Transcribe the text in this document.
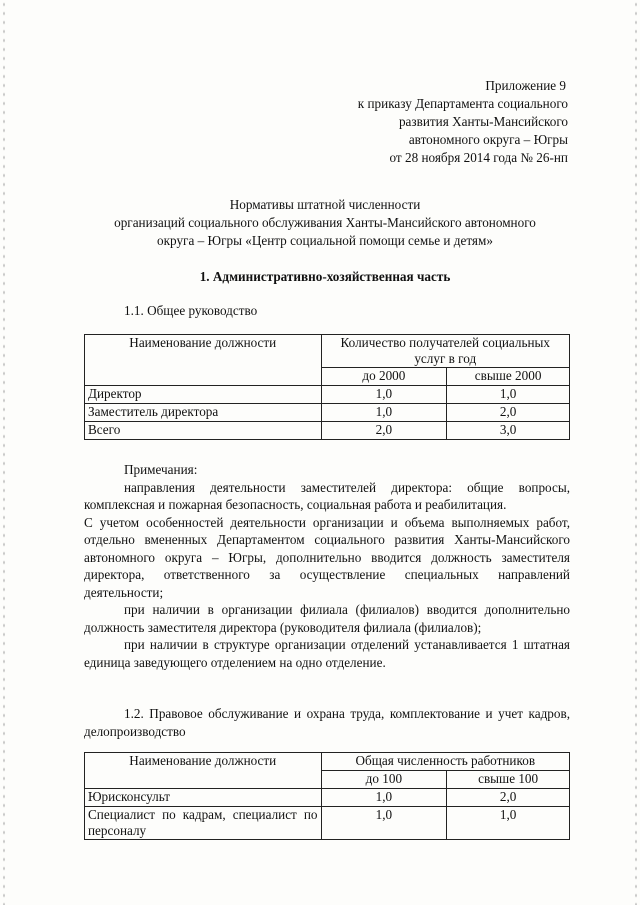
Приложение 9
к приказу Департамента социального
развития Ханты-Мансийского
автономного округа – Югры
от 28 ноября 2014 года № 26-нп
Нормативы штатной численности
организаций социального обслуживания Ханты-Мансийского автономного
округа – Югры «Центр социальной помощи семье и детям»
1. Административно-хозяйственная часть
1.1. Общее руководство
Наименование должности	Количество получателей социальных услуг в год	
	до 2000	свыше 2000
Директор	1,0	1,0
Заместитель директора	1,0	2,0
Всего	2,0	3,0
Примечания:

направления деятельности заместителей директора: общие вопросы, комплексная и пожарная безопасность, социальная работа и реабилитация.

С учетом особенностей деятельности организации и объема выполняемых работ, отдельно вмененных Департаментом социального развития Ханты-Мансийского автономного округа – Югры, дополнительно вводится должность заместителя директора, ответственного за осуществление специальных направлений деятельности;

при наличии в организации филиала (филиалов) вводится дополнительно должность заместителя директора (руководителя филиала (филиалов);

при наличии в структуре организации отделений устанавливается 1 штатная единица заведующего отделением на одно отделение.

1.2. Правовое обслуживание и охрана труда, комплектование и учет кадров, делопроизводство
Наименование должности	Общая численность работников	
	до 100	свыше 100
Юрисконсульт	1,0	2,0
Специалист по кадрам, специалист по персоналу	1,0	1,0
